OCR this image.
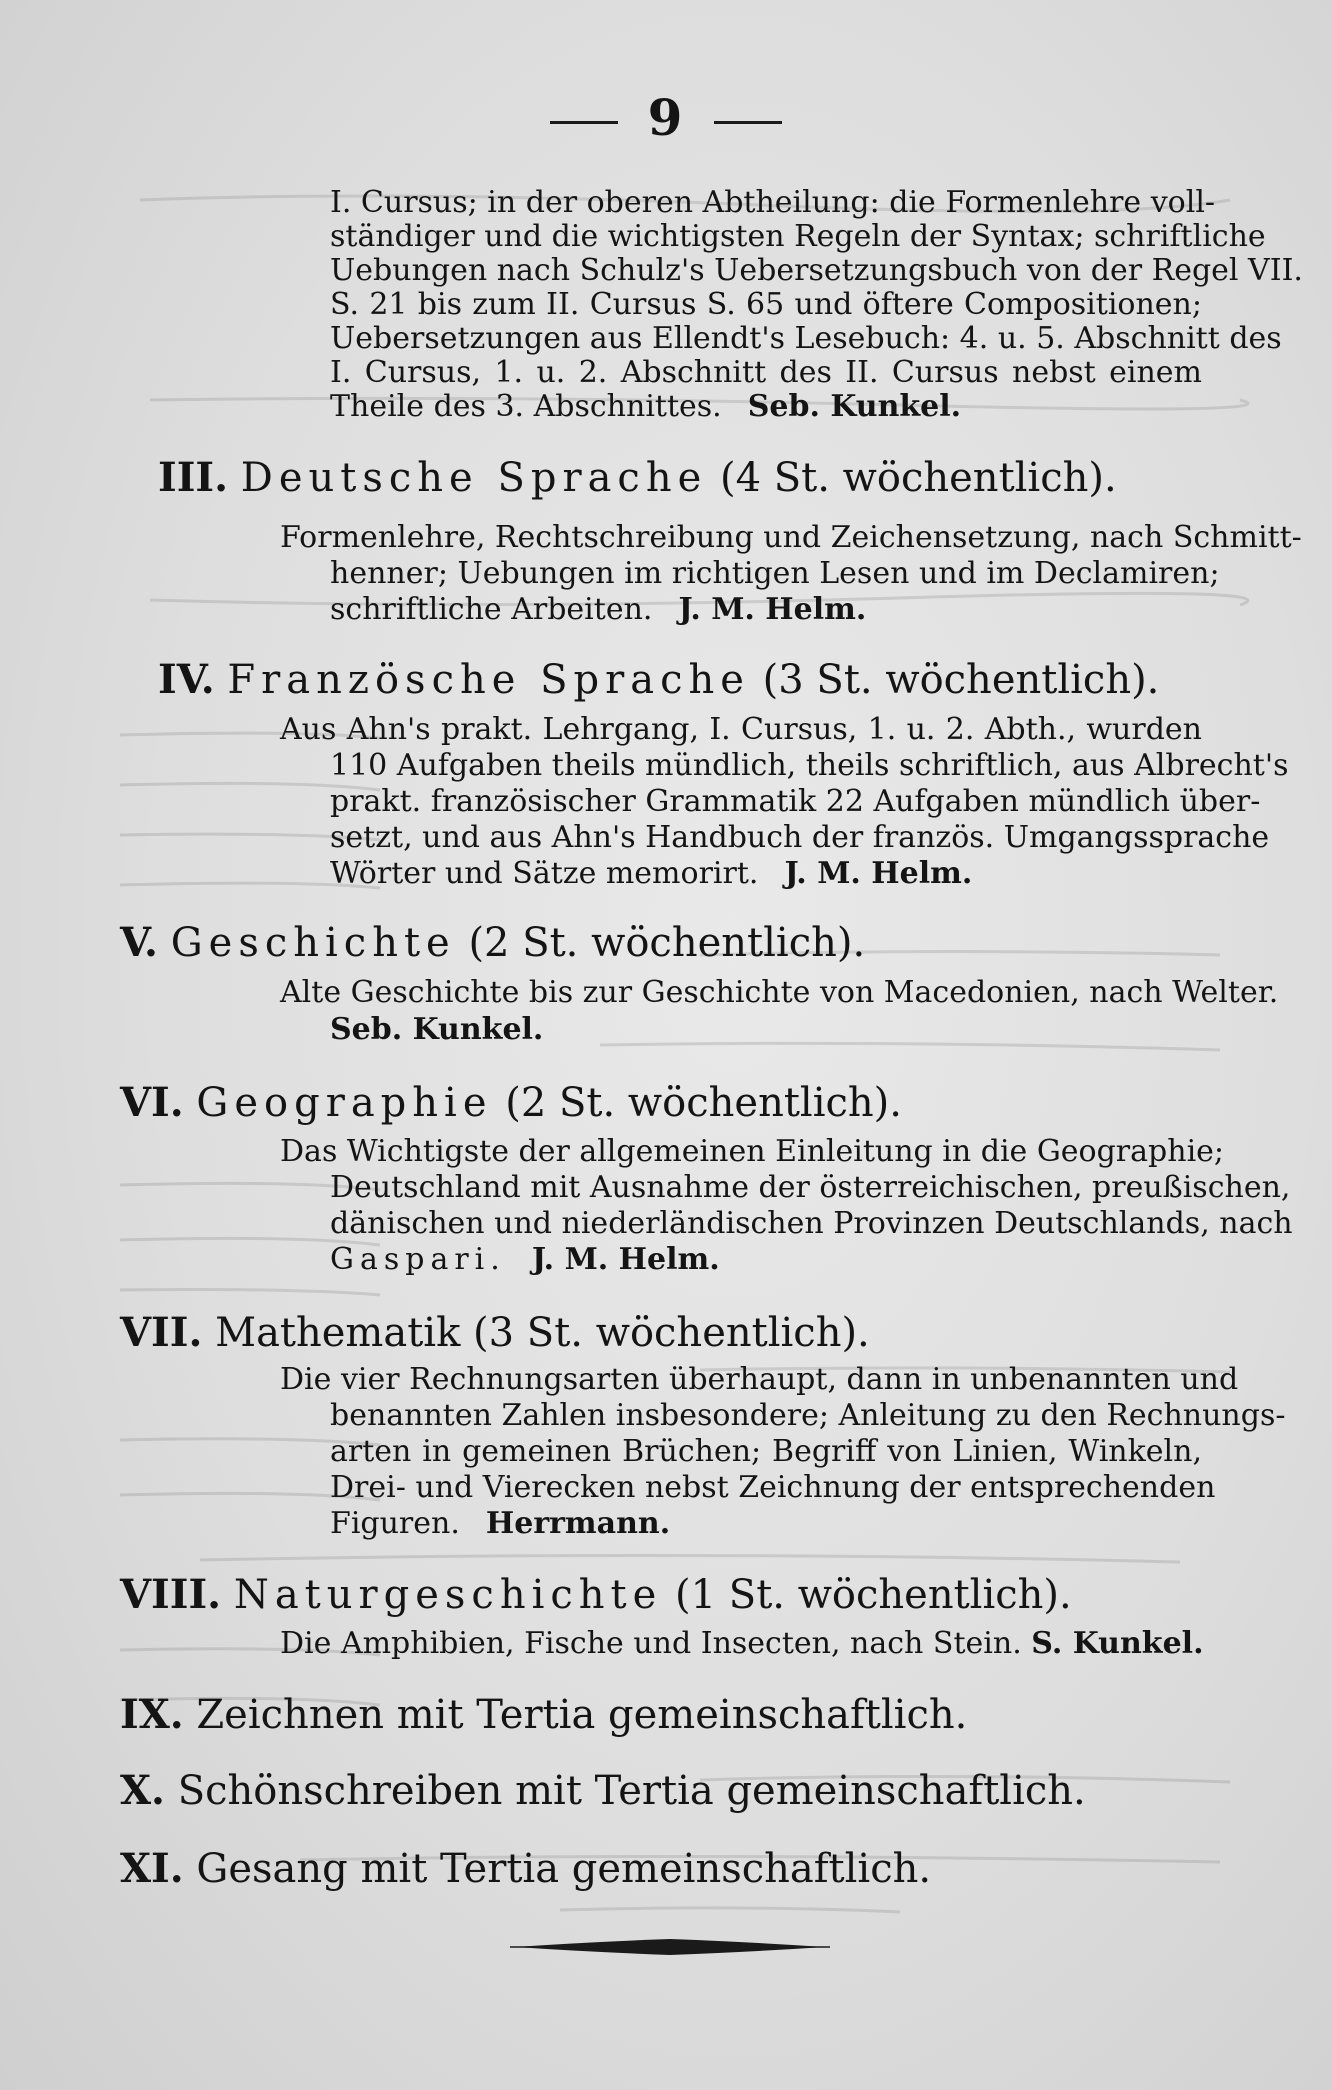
9
I. Cursus; in der oberen Abtheilung: die Formenlehre voll-
ständiger und die wichtigsten Regeln der Syntax; schriftliche
Uebungen nach Schulz's Uebersetzungsbuch von der Regel VII.
S. 21 bis zum II. Cursus S. 65 und öftere Compositionen;
Uebersetzungen aus Ellendt's Lesebuch: 4. u. 5. Abschnitt des
I. Cursus, 1. u. 2. Abschnitt des II. Cursus nebst einem
Theile des 3. Abschnittes. Seb. Kunkel.
III. Deutsche Sprache (4 St. wöchentlich).
Formenlehre, Rechtschreibung und Zeichensetzung, nach Schmitt-
henner; Uebungen im richtigen Lesen und im Declamiren;
schriftliche Arbeiten. J. M. Helm.
IV. Französche Sprache (3 St. wöchentlich).
Aus Ahn's prakt. Lehrgang, I. Cursus, 1. u. 2. Abth., wurden
110 Aufgaben theils mündlich, theils schriftlich, aus Albrecht's
prakt. französischer Grammatik 22 Aufgaben mündlich über-
setzt, und aus Ahn's Handbuch der französ. Umgangssprache
Wörter und Sätze memorirt. J. M. Helm.
V. Geschichte (2 St. wöchentlich).
Alte Geschichte bis zur Geschichte von Macedonien, nach Welter.
Seb. Kunkel.
VI. Geographie (2 St. wöchentlich).
Das Wichtigste der allgemeinen Einleitung in die Geographie;
Deutschland mit Ausnahme der österreichischen, preußischen,
dänischen und niederländischen Provinzen Deutschlands, nach
Gaspari. J. M. Helm.
VII. Mathematik (3 St. wöchentlich).
Die vier Rechnungsarten überhaupt, dann in unbenannten und
benannten Zahlen insbesondere; Anleitung zu den Rechnungs-
arten in gemeinen Brüchen; Begriff von Linien, Winkeln,
Drei- und Vierecken nebst Zeichnung der entsprechenden
Figuren. Herrmann.
VIII. Naturgeschichte (1 St. wöchentlich).
Die Amphibien, Fische und Insecten, nach Stein. S. Kunkel.
IX. Zeichnen mit Tertia gemeinschaftlich.
X. Schönschreiben mit Tertia gemeinschaftlich.
XI. Gesang mit Tertia gemeinschaftlich.
